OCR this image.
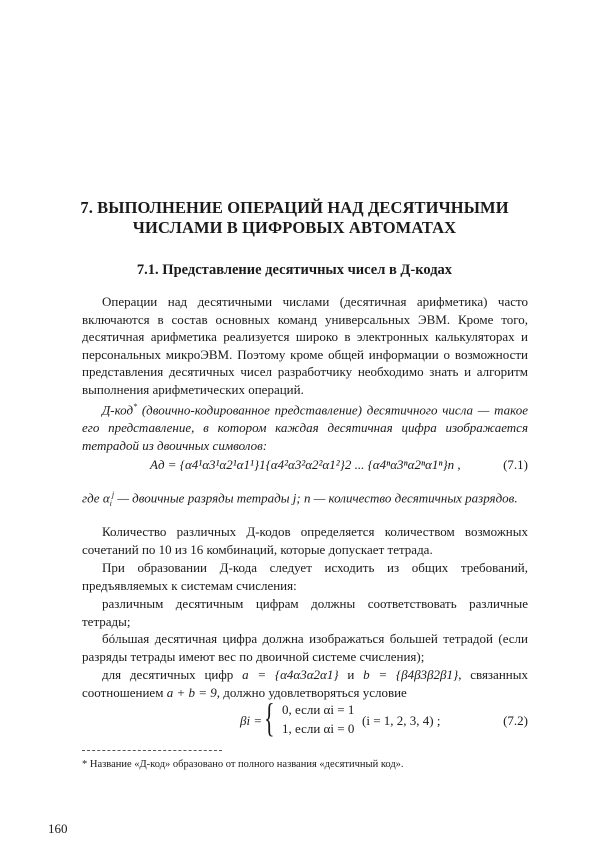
7. ВЫПОЛНЕНИЕ ОПЕРАЦИЙ НАД ДЕСЯТИЧНЫМИ
ЧИСЛАМИ В ЦИФРОВЫХ АВТОМАТАХ
7.1. Представление десятичных чисел в Д-кодах

Операции над десятичными числами (десятичная арифметика) часто включаются в состав основных команд универсальных ЭВМ. Кроме того, десятичная арифметика реализуется широко в электронных калькуляторах и персональных микроЭВМ. Поэтому кроме общей информации о возможности представления десятичных чисел разработчику необходимо знать и алгоритм выполнения арифметических операций.

Д-код* (двоично-кодированное представление) десятичного числа — такое его представление, в котором каждая десятичная цифра изображается тетрадой из двоичных символов:

Aд = {α4¹α3¹α2¹α1¹}1{α4²α3²α2²α1²}2 ... {α4ⁿα3ⁿα2ⁿα1ⁿ}n ,	(7.1)

где $\alpha_i^j$ — двоичные разряды тетрады j; n — количество десятичных разрядов.

Количество различных Д-кодов определяется количеством возможных сочетаний по 10 из 16 комбинаций, которые допускает тетрада.

При образовании Д-кода следует исходить из общих требований, предъявляемых к системам счисления:

различным десятичным цифрам должны соответствовать различные тетрады;

бóльшая десятичная цифра должна изображаться большей тетрадой (если разряды тетрады имеют вес по двоичной системе счисления);

для десятичных цифр a = {α4α3α2α1} и b = {β4β3β2β1}, связанных соотношением a + b = 9, должно удовлетворяться условие

βi = { 0, если αi = 1
1, если αi = 0
(i = 1, 2, 3, 4) ;	(7.2)
* Название «Д-код» образовано от полного названия «десятичный код».
160
